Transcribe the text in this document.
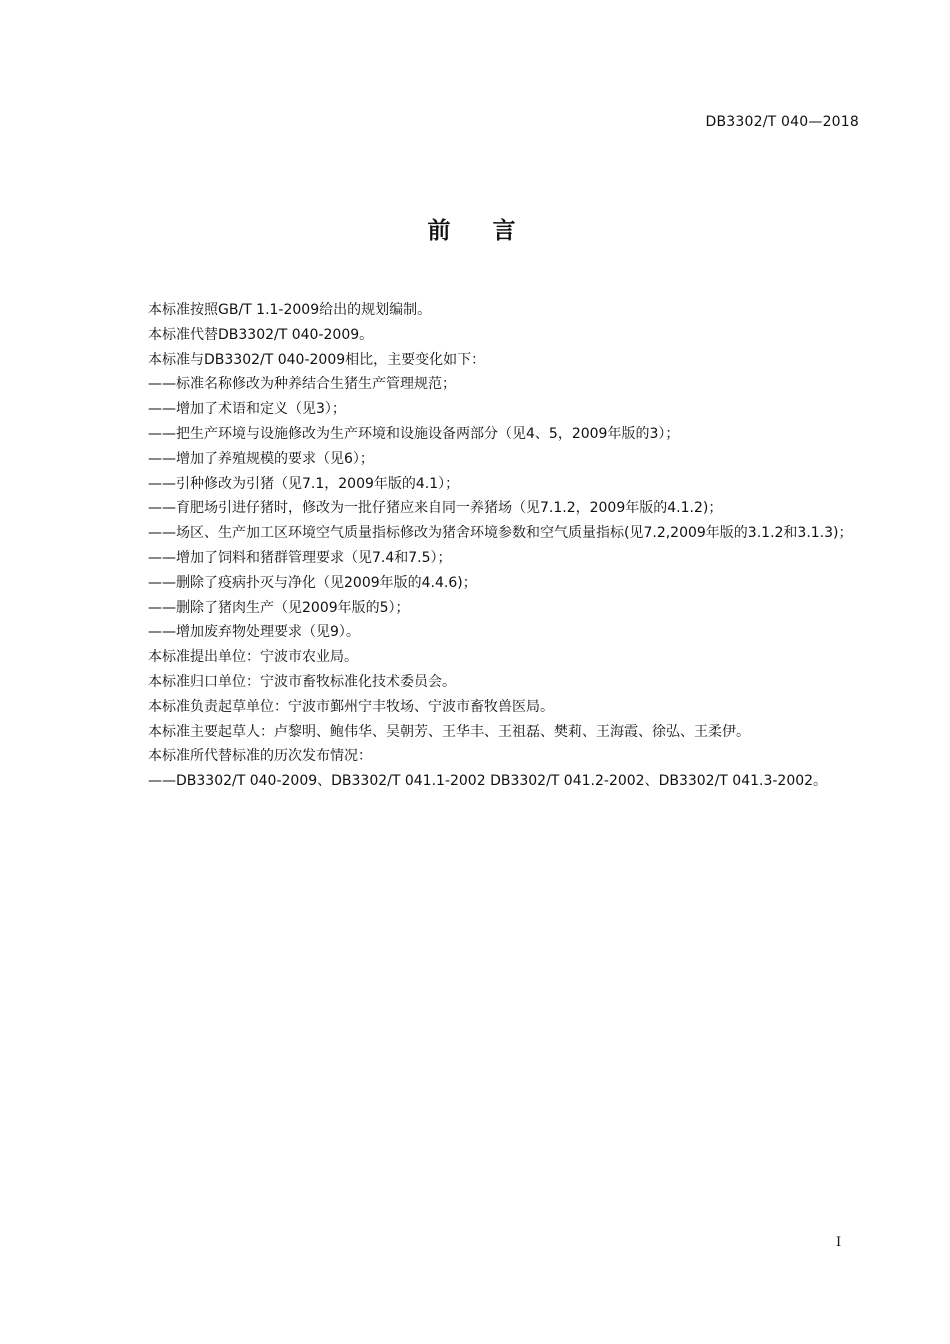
DB3302/T 040—2018
前 言

本标准按照GB/T 1.1-2009给出的规划编制。

本标准代替DB3302/T 040-2009。

本标准与DB3302/T 040-2009相比，主要变化如下：

——标准名称修改为种养结合生猪生产管理规范；

——增加了术语和定义（见3）；

——把生产环境与设施修改为生产环境和设施设备两部分（见4、5，2009年版的3）；

——增加了养殖规模的要求（见6）；

——引种修改为引猪（见7.1，2009年版的4.1）；

——育肥场引进仔猪时，修改为一批仔猪应来自同一养猪场（见7.1.2，2009年版的4.1.2)；

——场区、生产加工区环境空气质量指标修改为猪舍环境参数和空气质量指标(见7.2,2009年版的3.1.2和3.1.3)；

——增加了饲料和猪群管理要求（见7.4和7.5）；

——删除了疫病扑灭与净化（见2009年版的4.4.6)；

——删除了猪肉生产（见2009年版的5）；

——增加废弃物处理要求（见9）。

本标准提出单位：宁波市农业局。

本标准归口单位：宁波市畜牧标准化技术委员会。

本标准负责起草单位：宁波市鄞州宁丰牧场、宁波市畜牧兽医局。

本标准主要起草人：卢黎明、鲍伟华、吴朝芳、王华丰、王祖磊、樊莉、王海霞、徐弘、王柔伊。

本标准所代替标准的历次发布情况：

——DB3302/T 040-2009、DB3302/T 041.1-2002 DB3302/T 041.2-2002、DB3302/T 041.3-2002。

I
